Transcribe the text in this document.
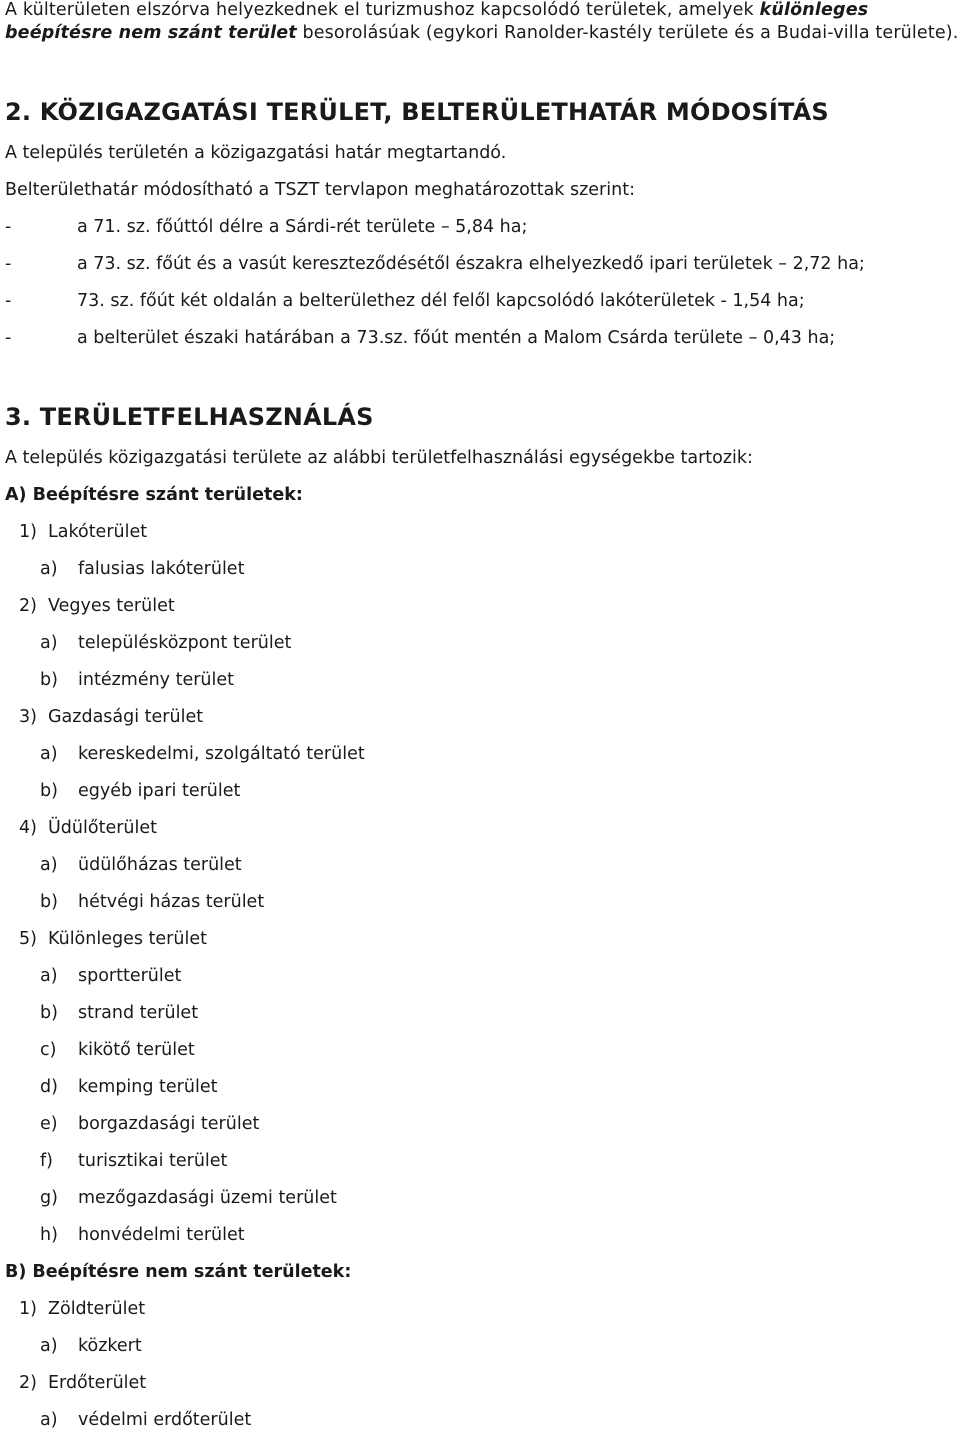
A külterületen elszórva helyezkednek el turizmushoz kapcsolódó területek, amelyek különleges
beépítésre nem szánt terület besorolásúak (egykori Ranolder-kastély területe és a Budai-villa területe).
2. KÖZIGAZGATÁSI TERÜLET, BELTERÜLETHATÁR MÓDOSÍTÁS
A település területén a közigazgatási határ megtartandó.
Belterülethatár módosítható a TSZT tervlapon meghatározottak szerint:
-	a 71. sz. főúttól délre a Sárdi-rét területe – 5,84 ha;
-	a 73. sz. főút és a vasút kereszteződésétől északra elhelyezkedő ipari területek – 2,72 ha;
-	73. sz. főút két oldalán a belterülethez dél felől kapcsolódó lakóterületek - 1,54 ha;
-	a belterület északi határában a 73.sz. főút mentén a Malom Csárda területe – 0,43 ha;
3. TERÜLETFELHASZNÁLÁS
A település közigazgatási területe az alábbi területfelhasználási egységekbe tartozik:
A) Beépítésre szánt területek:
1) Lakóterület
a) falusias lakóterület
2) Vegyes terület
a) településközpont terület
b) intézmény terület
3) Gazdasági terület
a) kereskedelmi, szolgáltató terület
b) egyéb ipari terület
4) Üdülőterület
a) üdülőházas terület
b) hétvégi házas terület
5) Különleges terület
a) sportterület
b) strand terület
c) kikötő terület
d) kemping terület
e) borgazdasági terület
f) turisztikai terület
g) mezőgazdasági üzemi terület
h) honvédelmi terület
B) Beépítésre nem szánt területek:
1) Zöldterület
a) közkert
2) Erdőterület
a) védelmi erdőterület
